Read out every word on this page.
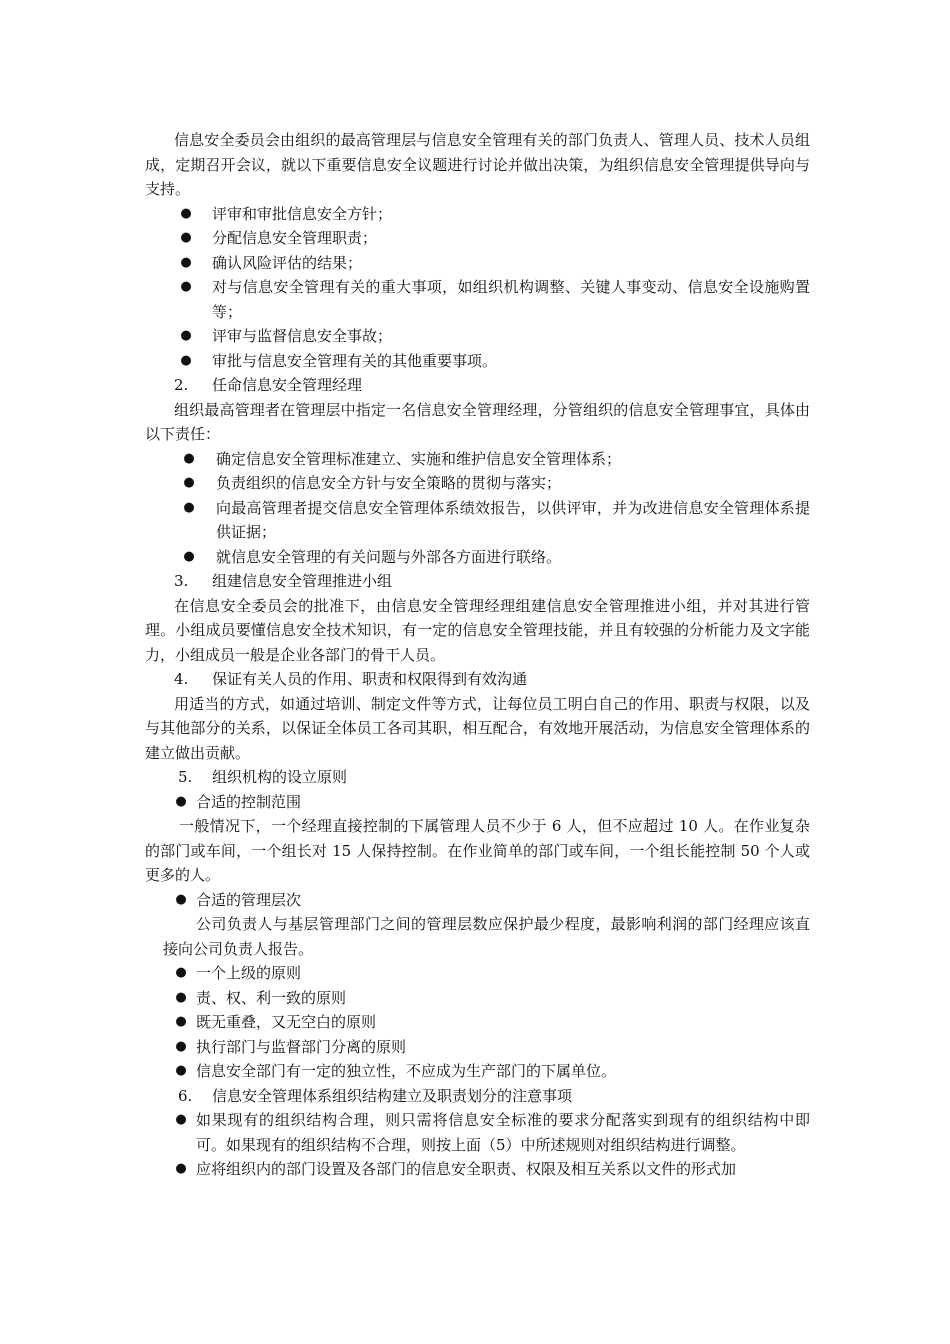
信息安全委员会由组织的最高管理层与信息安全管理有关的部门负责人、管理人员、技术人员组成，定期召开会议，就以下重要信息安全议题进行讨论并做出决策，为组织信息安全管理提供导向与支持。

● 评审和审批信息安全方针；

● 分配信息安全管理职责；

● 确认风险评估的结果；

● 对与信息安全管理有关的重大事项，如组织机构调整、关键人事变动、信息安全设施购置等；

● 评审与监督信息安全事故；

● 审批与信息安全管理有关的其他重要事项。

2. 任命信息安全管理经理

组织最高管理者在管理层中指定一名信息安全管理经理，分管组织的信息安全管理事宜，具体由以下责任：

● 确定信息安全管理标准建立、实施和维护信息安全管理体系；

● 负责组织的信息安全方针与安全策略的贯彻与落实；

● 向最高管理者提交信息安全管理体系绩效报告，以供评审，并为改进信息安全管理体系提供证据；

● 就信息安全管理的有关问题与外部各方面进行联络。

3. 组建信息安全管理推进小组

在信息安全委员会的批准下，由信息安全管理经理组建信息安全管理推进小组，并对其进行管理。小组成员要懂信息安全技术知识，有一定的信息安全管理技能，并且有较强的分析能力及文字能力，小组成员一般是企业各部门的骨干人员。

4. 保证有关人员的作用、职责和权限得到有效沟通

用适当的方式，如通过培训、制定文件等方式，让每位员工明白自己的作用、职责与权限，以及与其他部分的关系，以保证全体员工各司其职，相互配合，有效地开展活动，为信息安全管理体系的建立做出贡献。

5. 组织机构的设立原则

● 合适的控制范围

一般情况下，一个经理直接控制的下属管理人员不少于 6 人，但不应超过 10 人。在作业复杂的部门或车间，一个组长对 15 人保持控制。在作业简单的部门或车间，一个组长能控制 50 个人或更多的人。

● 合适的管理层次

公司负责人与基层管理部门之间的管理层数应保护最少程度，最影响利润的部门经理应该直接向公司负责人报告。

● 一个上级的原则

● 责、权、利一致的原则

● 既无重叠，又无空白的原则

● 执行部门与监督部门分离的原则

● 信息安全部门有一定的独立性，不应成为生产部门的下属单位。

6. 信息安全管理体系组织结构建立及职责划分的注意事项

● 如果现有的组织结构合理，则只需将信息安全标准的要求分配落实到现有的组织结构中即可。如果现有的组织结构不合理，则按上面（5）中所述规则对组织结构进行调整。

● 应将组织内的部门设置及各部门的信息安全职责、权限及相互关系以文件的形式加
